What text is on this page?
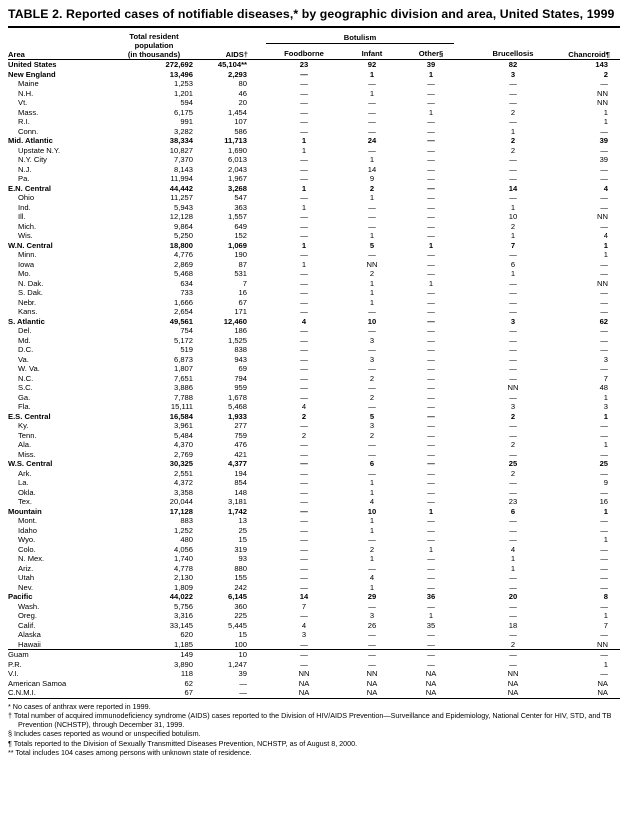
TABLE 2. Reported cases of notifiable diseases,* by geographic division and area, United States, 1999
Area	Total resident
population
(in thousands)	AIDS†	Botulism			Brucellosis	Chancroid¶
			Foodborne	Infant	Other§		
United States	272,692	45,104**	23	92	39	82	143
New England	13,496	2,293	—	1	1	3	2
Maine	1,253	80	—	—	—	—	—
N.H.	1,201	46	—	1	—	—	NN
Vt.	594	20	—	—	—	—	NN
Mass.	6,175	1,454	—	—	1	2	1
R.I.	991	107	—	—	—	—	1
Conn.	3,282	586	—	—	—	1	—
Mid. Atlantic	38,334	11,713	1	24	—	2	39
Upstate N.Y.	10,827	1,690	1	—	—	2	—
N.Y. City	7,370	6,013	—	1	—	—	39
N.J.	8,143	2,043	—	14	—	—	—
Pa.	11,994	1,967	—	9	—	—	—
E.N. Central	44,442	3,268	1	2	—	14	4
Ohio	11,257	547	—	1	—	—	—
Ind.	5,943	363	1	—	—	1	—
Ill.	12,128	1,557	—	—	—	10	NN
Mich.	9,864	649	—	—	—	2	—
Wis.	5,250	152	—	1	—	1	4
W.N. Central	18,800	1,069	1	5	1	7	1
Minn.	4,776	190	—	—	—	—	1
Iowa	2,869	87	1	NN	—	6	—
Mo.	5,468	531	—	2	—	1	—
N. Dak.	634	7	—	1	1	—	NN
S. Dak.	733	16	—	1	—	—	—
Nebr.	1,666	67	—	1	—	—	—
Kans.	2,654	171	—	—	—	—	—
S. Atlantic	49,561	12,460	4	10	—	3	62
Del.	754	186	—	—	—	—	—
Md.	5,172	1,525	—	3	—	—	—
D.C.	519	838	—	—	—	—	—
Va.	6,873	943	—	3	—	—	3
W. Va.	1,807	69	—	—	—	—	—
N.C.	7,651	794	—	2	—	—	7
S.C.	3,886	959	—	—	—	NN	48
Ga.	7,788	1,678	—	2	—	—	1
Fla.	15,111	5,468	4	—	—	3	3
E.S. Central	16,584	1,933	2	5	—	2	1
Ky.	3,961	277	—	3	—	—	—
Tenn.	5,484	759	2	2	—	—	—
Ala.	4,370	476	—	—	—	2	1
Miss.	2,769	421	—	—	—	—	—
W.S. Central	30,325	4,377	—	6	—	25	25
Ark.	2,551	194	—	—	—	2	—
La.	4,372	854	—	1	—	—	9
Okla.	3,358	148	—	1	—	—	—
Tex.	20,044	3,181	—	4	—	23	16
Mountain	17,128	1,742	—	10	1	6	1
Mont.	883	13	—	1	—	—	—
Idaho	1,252	25	—	1	—	—	—
Wyo.	480	15	—	—	—	—	1
Colo.	4,056	319	—	2	1	4	—
N. Mex.	1,740	93	—	1	—	1	—
Ariz.	4,778	880	—	—	—	1	—
Utah	2,130	155	—	4	—	—	—
Nev.	1,809	242	—	1	—	—	—
Pacific	44,022	6,145	14	29	36	20	8
Wash.	5,756	360	7	—	—	—	—
Oreg.	3,316	225	—	3	1	—	1
Calif.	33,145	5,445	4	26	35	18	7
Alaska	620	15	3	—	—	—	—
Hawaii	1,185	100	—	—	—	2	NN
Guam	149	10	—	—	—	—	—
P.R.	3,890	1,247	—	—	—	—	1
V.I.	118	39	NN	NN	NA	NN	—
American Samoa	62	—	NA	NA	NA	NA	NA
C.N.M.I.	67	—	NA	NA	NA	NA	NA
* No cases of anthrax were reported in 1999.
† Total number of acquired immunodeficiency syndrome (AIDS) cases reported to the Division of HIV/AIDS Prevention—Surveillance and Epidemiology, National Center for HIV, STD, and TB Prevention (NCHSTP), through December 31, 1999.
§ Includes cases reported as wound or unspecified botulism.
¶ Totals reported to the Division of Sexually Transmitted Diseases Prevention, NCHSTP, as of August 8, 2000.
** Total includes 104 cases among persons with unknown state of residence.
